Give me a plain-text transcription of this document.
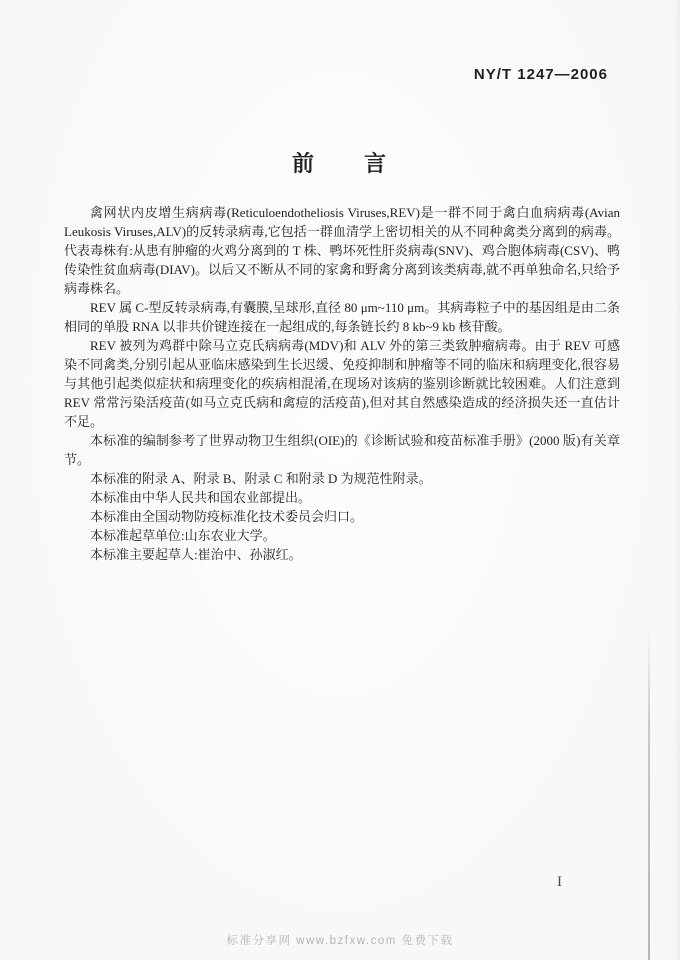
NY/T 1247—2006
前　　言

禽网状内皮增生病病毒(Reticuloendotheliosis Viruses,REV)是一群不同于禽白血病病毒(Avian Leukosis Viruses,ALV)的反转录病毒,它包括一群血清学上密切相关的从不同种禽类分离到的病毒。代表毒株有:从患有肿瘤的火鸡分离到的 T 株、鸭坏死性肝炎病毒(SNV)、鸡合胞体病毒(CSV)、鸭传染性贫血病毒(DIAV)。以后又不断从不同的家禽和野禽分离到该类病毒,就不再单独命名,只给予病毒株名。

REV 属 C-型反转录病毒,有囊膜,呈球形,直径 80 μm~110 μm。其病毒粒子中的基因组是由二条相同的单股 RNA 以非共价键连接在一起组成的,每条链长约 8 kb~9 kb 核苷酸。

REV 被列为鸡群中除马立克氏病病毒(MDV)和 ALV 外的第三类致肿瘤病毒。由于 REV 可感染不同禽类,分别引起从亚临床感染到生长迟缓、免疫抑制和肿瘤等不同的临床和病理变化,很容易与其他引起类似症状和病理变化的疾病相混淆,在现场对该病的鉴别诊断就比较困难。人们注意到 REV 常常污染活疫苗(如马立克氏病和禽痘的活疫苗),但对其自然感染造成的经济损失还一直估计不足。

本标准的编制参考了世界动物卫生组织(OIE)的《诊断试验和疫苗标准手册》(2000 版)有关章节。

本标准的附录 A、附录 B、附录 C 和附录 D 为规范性附录。

本标准由中华人民共和国农业部提出。

本标准由全国动物防疫标准化技术委员会归口。

本标准起草单位:山东农业大学。

本标准主要起草人:崔治中、孙淑红。

I
标准分享网 www.bzfxw.com 免费下载
